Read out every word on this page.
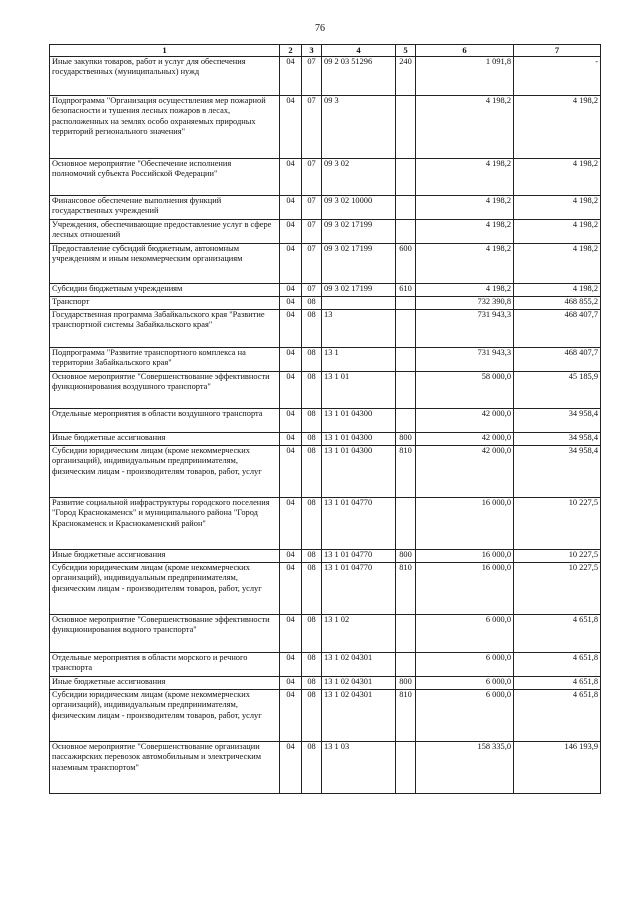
76
1	2	3	4	5	6	7
Иные закупки товаров, работ и услуг для обеспечения государственных (муниципальных) нужд	04	07	09 2 03 51296	240	1 091,8	-
Подпрограмма "Организация осуществления мер пожарной безопасности и тушения лесных пожаров в лесах, расположенных на землях особо охраняемых природных территорий регионального значения"	04	07	09 3		4 198,2	4 198,2
Основное мероприятие "Обеспечение исполнения полномочий субъекта Российской Федерации"	04	07	09 3 02		4 198,2	4 198,2
Финансовое обеспечение выполнения функций государственных учреждений	04	07	09 3 02 10000		4 198,2	4 198,2
Учреждения, обеспечивающие предоставление услуг в сфере лесных отношений	04	07	09 3 02 17199		4 198,2	4 198,2
Предоставление субсидий бюджетным, автономным учреждениям и иным некоммерческим организациям	04	07	09 3 02 17199	600	4 198,2	4 198,2
Субсидии бюджетным учреждениям	04	07	09 3 02 17199	610	4 198,2	4 198,2
Транспорт	04	08			732 390,8	468 855,2
Государственная программа Забайкальского края "Развитие транспортной системы Забайкальского края"	04	08	13		731 943,3	468 407,7
Подпрограмма "Развитие транспортного комплекса на территории Забайкальского края"	04	08	13 1		731 943,3	468 407,7
Основное мероприятие "Совершенствование эффективности функционирования воздушного транспорта"	04	08	13 1 01		58 000,0	45 185,9
Отдельные мероприятия в области воздушного транспорта	04	08	13 1 01 04300		42 000,0	34 958,4
Иные бюджетные ассигнования	04	08	13 1 01 04300	800	42 000,0	34 958,4
Субсидии юридическим лицам (кроме некоммерческих организаций), индивидуальным предпринимателям, физическим лицам - производителям товаров, работ, услуг	04	08	13 1 01 04300	810	42 000,0	34 958,4
Развитие социальной инфраструктуры городского поселения "Город Краснокаменск" и муниципального района "Город Краснокаменск и Краснокаменский район"	04	08	13 1 01 04770		16 000,0	10 227,5
Иные бюджетные ассигнования	04	08	13 1 01 04770	800	16 000,0	10 227,5
Субсидии юридическим лицам (кроме некоммерческих организаций), индивидуальным предпринимателям, физическим лицам - производителям товаров, работ, услуг	04	08	13 1 01 04770	810	16 000,0	10 227,5
Основное мероприятие "Совершенствование эффективности функционирования водного транспорта"	04	08	13 1 02		6 000,0	4 651,8
Отдельные мероприятия в области морского и речного транспорта	04	08	13 1 02 04301		6 000,0	4 651,8
Иные бюджетные ассигнования	04	08	13 1 02 04301	800	6 000,0	4 651,8
Субсидии юридическим лицам (кроме некоммерческих организаций), индивидуальным предпринимателям, физическим лицам - производителям товаров, работ, услуг	04	08	13 1 02 04301	810	6 000,0	4 651,8
Основное мероприятие "Совершенствование организации пассажирских перевозок автомобильным и электрическим наземным транспортом"	04	08	13 1 03		158 335,0	146 193,9
